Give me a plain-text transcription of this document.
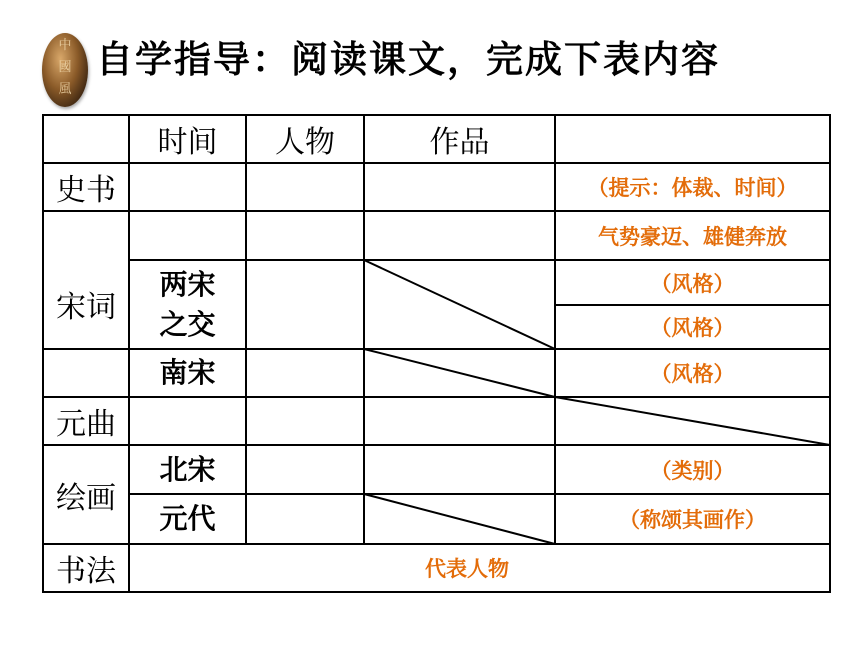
中
國
風
自学指导：阅读课文，完成下表内容
时间	人物	作品
史书
宋词
元曲
绘画
书法
两宋
之交
南宋
北宋
元代
（提示：体裁、时间）
气势豪迈、雄健奔放
（风格）
（风格）
（风格）
（类别）
（称颂其画作）
代表人物
